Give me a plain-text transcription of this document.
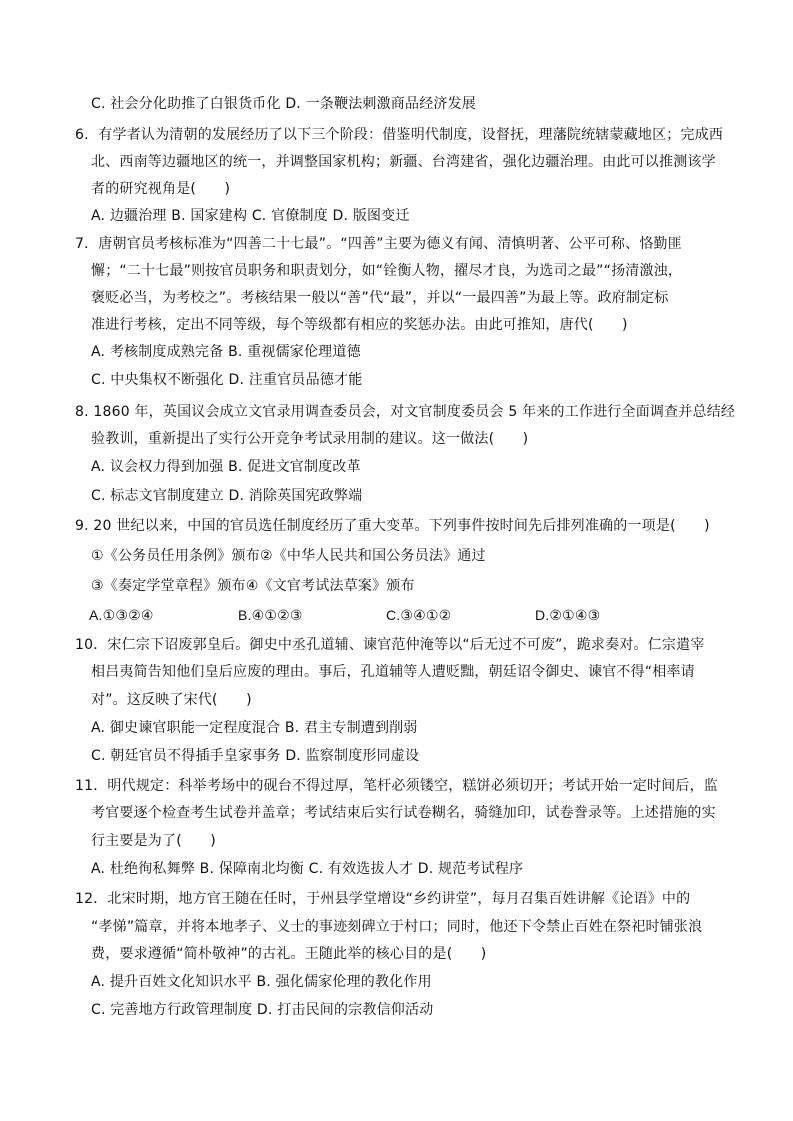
C. 社会分化助推了白银货币化 D. 一条鞭法刺激商品经济发展
6．有学者认为清朝的发展经历了以下三个阶段：借鉴明代制度，设督抚，理藩院统辖蒙藏地区；完成西
北、西南等边疆地区的统一，并调整国家机构；新疆、台湾建省，强化边疆治理。由此可以推测该学
者的研究视角是(　　)
A. 边疆治理 B. 国家建构 C. 官僚制度 D. 版图变迁
7．唐朝官员考核标准为“四善二十七最”。“四善”主要为德义有闻、清慎明著、公平可称、恪勤匪
懈；“二十七最”则按官员职务和职责划分，如“铨衡人物，擢尽才良，为选司之最”“扬清激浊，
褒贬必当，为考校之”。考核结果一般以“善”代“最”，并以“一最四善”为最上等。政府制定标
准进行考核，定出不同等级，每个等级都有相应的奖惩办法。由此可推知，唐代(　　)
A. 考核制度成熟完备 B. 重视儒家伦理道德
C. 中央集权不断强化 D. 注重官员品德才能
8. 1860 年，英国议会成立文官录用调查委员会，对文官制度委员会 5 年来的工作进行全面调查并总结经
验教训，重新提出了实行公开竞争考试录用制的建议。这一做法(　　)
A. 议会权力得到加强 B. 促进文官制度改革
C. 标志文官制度建立 D. 消除英国宪政弊端
9. 20 世纪以来，中国的官员选任制度经历了重大变革。下列事件按时间先后排列准确的一项是(　　)
①《公务员任用条例》颁布②《中华人民共和国公务员法》通过
③《奏定学堂章程》颁布④《文官考试法草案》颁布
A.①③②④	B.④①②③	C.③④①②	D.②①④③
10．宋仁宗下诏废郭皇后。御史中丞孔道辅、谏官范仲淹等以“后无过不可废”，跪求奏对。仁宗遣宰
相吕夷简告知他们皇后应废的理由。事后，孔道辅等人遭贬黜，朝廷诏令御史、谏官不得“相率请
对”。这反映了宋代(　　)
A. 御史谏官职能一定程度混合 B. 君主专制遭到削弱
C. 朝廷官员不得插手皇家事务 D. 监察制度形同虚设
11．明代规定：科举考场中的砚台不得过厚，笔杆必须镂空，糕饼必须切开；考试开始一定时间后，监
考官要逐个检查考生试卷并盖章；考试结束后实行试卷糊名，骑缝加印，试卷誊录等。上述措施的实
行主要是为了(　　)
A. 杜绝徇私舞弊 B. 保障南北均衡 C. 有效选拔人才 D. 规范考试程序
12．北宋时期，地方官王随在任时，于州县学堂增设“乡约讲堂”，每月召集百姓讲解《论语》中的
“孝悌”篇章，并将本地孝子、义士的事迹刻碑立于村口；同时，他还下令禁止百姓在祭祀时铺张浪
费，要求遵循“简朴敬神”的古礼。王随此举的核心目的是(　　)
A. 提升百姓文化知识水平 B. 强化儒家伦理的教化作用
C. 完善地方行政管理制度 D. 打击民间的宗教信仰活动
